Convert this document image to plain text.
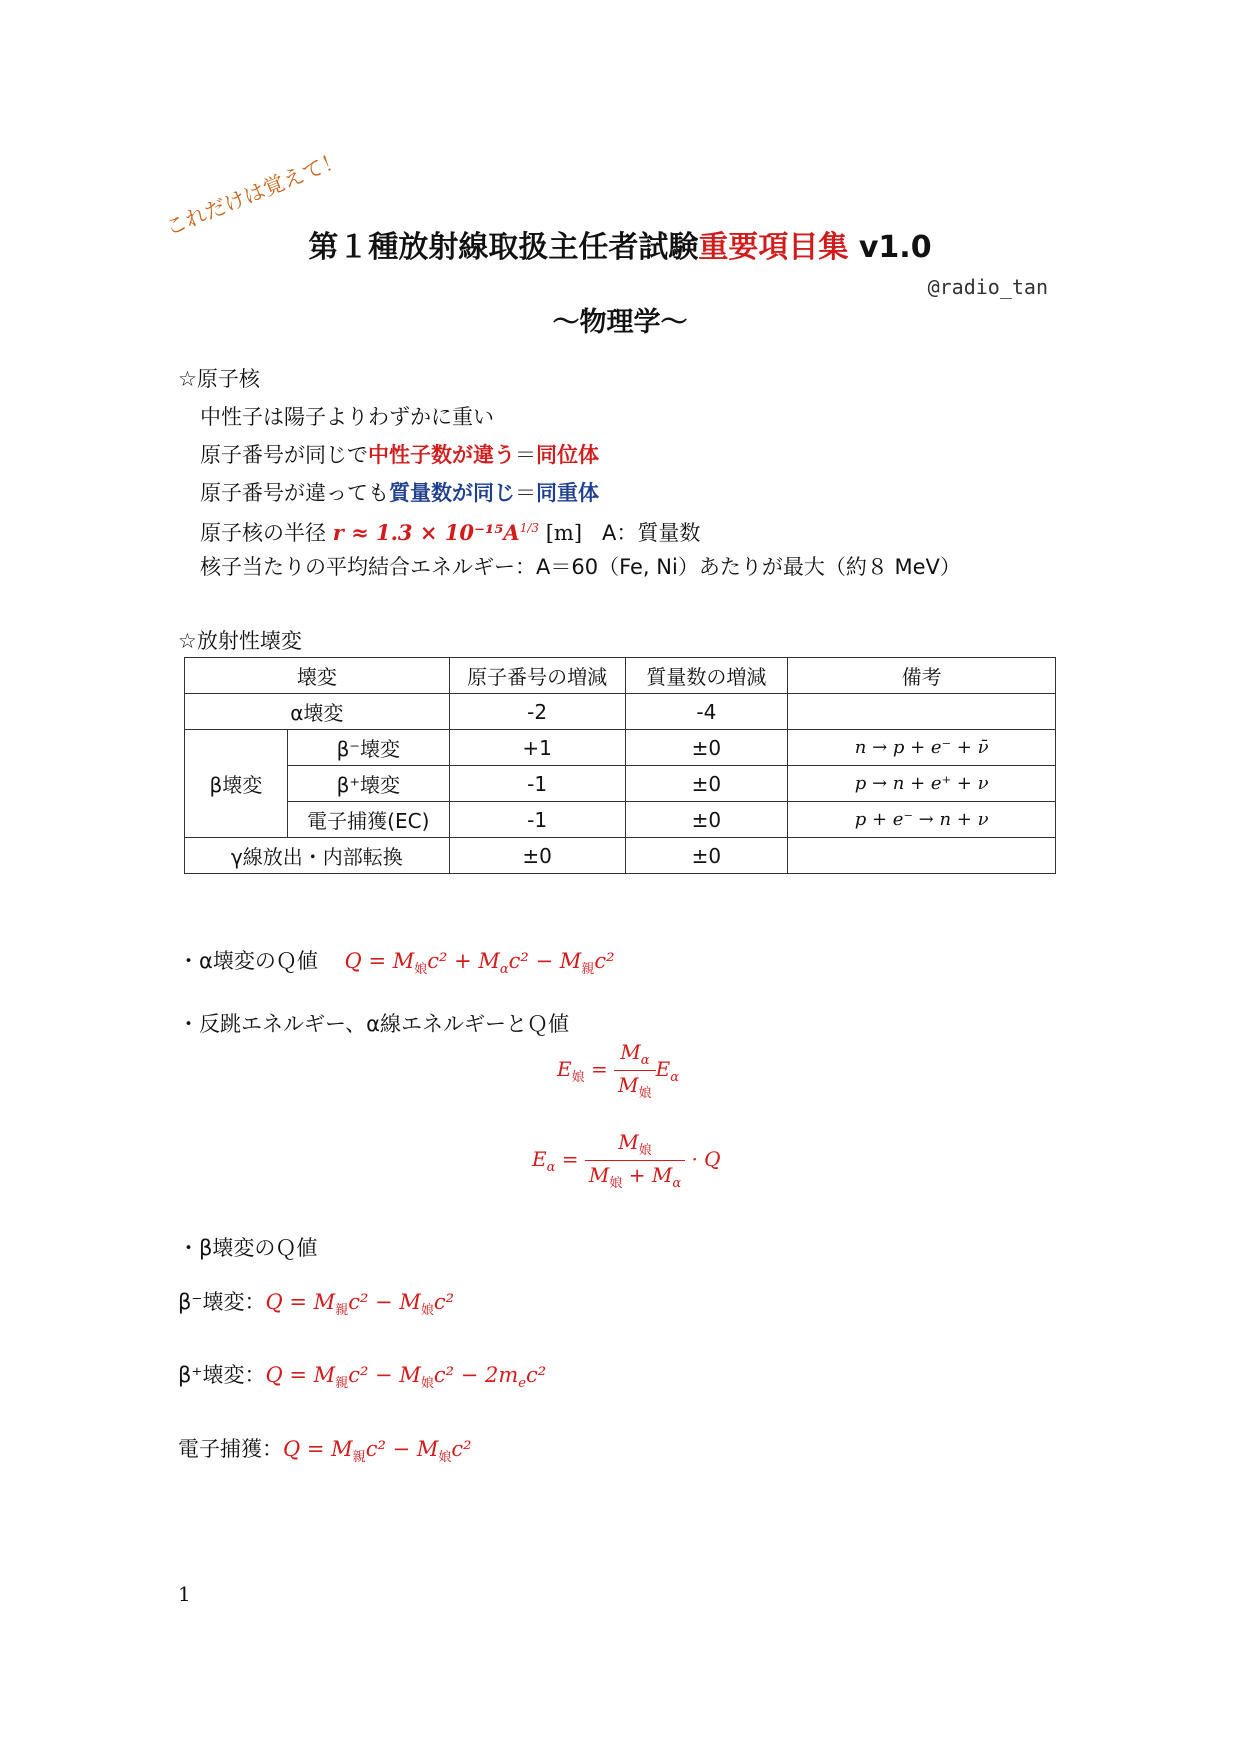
これだけは覚えて！
第１種放射線取扱主任者試験重要項目集 v1.0
@radio_tan
～物理学～
☆原子核
中性子は陽子よりわずかに重い
原子番号が同じで中性子数が違う＝同位体
原子番号が違っても質量数が同じ＝同重体
原子核の半径 $r \approx 1.3 \times 10^{-15}A^{1/3}$ [m] A：質量数
核子当たりの平均結合エネルギー：A＝60（Fe, Ni）あたりが最大（約８ MeV）
☆放射性壊変
壊変		原子番号の増減	質量数の増減	備考
α壊変		-2	-4	
β壊変	β⁻壊変	+1	±0	n → p + e⁻ + ν̄
	β⁺壊変	-1	±0	p → n + e⁺ + ν
	電子捕獲(EC)	-1	±0	p + e⁻ → n + ν
γ線放出・内部転換		±0	±0	
・α壊変のＱ値 $Q = M_娘c^2 + M_\alpha c^2 - M_親c^2$
・反跳エネルギー、α線エネルギーとＱ値
$E_娘 = \frac{M_\alpha}{M_娘} E_\alpha$
$E_\alpha = \frac{M_娘}{M_娘 + M_\alpha} \cdot Q$
・β壊変のＱ値
β⁻壊変：$Q = M_親c^2 - M_娘c^2$
β⁺壊変：$Q = M_親c^2 - M_娘c^2 - 2m_ec^2$
電子捕獲：$Q = M_親c^2 - M_娘c^2$
1
